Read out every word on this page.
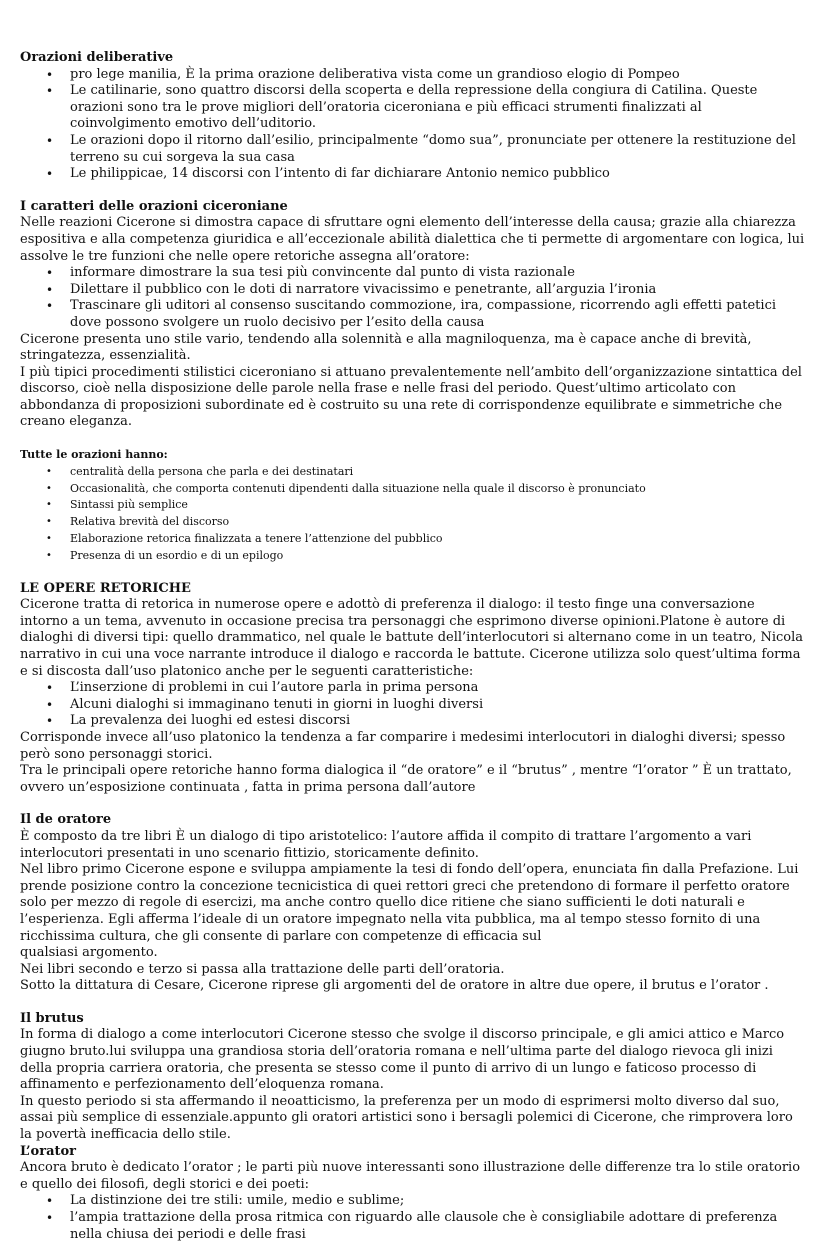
Orazioni deliberative
• pro lege manilia, È la prima orazione deliberativa vista come un grandioso elogio di Pompeo
• Le catilinarie, sono quattro discorsi della scoperta e della repressione della congiura di Catilina. Queste orazioni sono tra le prove migliori dell’oratoria ciceroniana e più efficaci strumenti finalizzati al coinvolgimento emotivo dell’uditorio.
• Le orazioni dopo il ritorno dall’esilio, principalmente “domo sua”, pronunciate per ottenere la restituzione del terreno su cui sorgeva la sua casa
• Le philippicae, 14 discorsi con l’intento di far dichiarare Antonio nemico pubblico
I caratteri delle orazioni ciceroniane

Nelle reazioni Cicerone si dimostra capace di sfruttare ogni elemento dell’interesse della causa; grazie alla chiarezza espositiva e alla competenza giuridica e all’eccezionale abilità dialettica che ti permette di argomentare con logica, lui assolve le tre funzioni che nelle opere retoriche assegna all’oratore:

• informare dimostrare la sua tesi più convincente dal punto di vista razionale
• Dilettare il pubblico con le doti di narratore vivacissimo e penetrante, all’arguzia l’ironia
• Trascinare gli uditori al consenso suscitando commozione, ira, compassione, ricorrendo agli effetti patetici dove possono svolgere un ruolo decisivo per l’esito della causa

Cicerone presenta uno stile vario, tendendo alla solennità e alla magniloquenza, ma è capace anche di brevità, stringatezza, essenzialità.

I più tipici procedimenti stilistici ciceroniano si attuano prevalentemente nell’ambito dell’organizzazione sintattica del discorso, cioè nella disposizione delle parole nella frase e nelle frasi del periodo. Quest’ultimo articolato con abbondanza di proposizioni subordinate ed è costruito su una rete di corrispondenze equilibrate e simmetriche che creano eleganza.

Tutte le orazioni hanno:
• centralità della persona che parla e dei destinatari
• Occasionalità, che comporta contenuti dipendenti dalla situazione nella quale il discorso è pronunciato
• Sintassi più semplice
• Relativa brevità del discorso
• Elaborazione retorica finalizzata a tenere l’attenzione del pubblico
• Presenza di un esordio e di un epilogo
LE OPERE RETORICHE

Cicerone tratta di retorica in numerose opere e adottò di preferenza il dialogo: il testo finge una conversazione intorno a un tema, avvenuto in occasione precisa tra personaggi che esprimono diverse opinioni.Platone è autore di dialoghi di diversi tipi: quello drammatico, nel quale le battute dell’interlocutori si alternano come in un teatro, Nicola narrativo in cui una voce narrante introduce il dialogo e raccorda le battute. Cicerone utilizza solo quest’ultima forma e si discosta dall’uso platonico anche per le seguenti caratteristiche:

• L’inserzione di problemi in cui l’autore parla in prima persona
• Alcuni dialoghi si immaginano tenuti in giorni in luoghi diversi
• La prevalenza dei luoghi ed estesi discorsi

Corrisponde invece all’uso platonico la tendenza a far comparire i medesimi interlocutori in dialoghi diversi; spesso però sono personaggi storici.

Tra le principali opere retoriche hanno forma dialogica il “de oratore” e il “brutus” , mentre “l’orator ” È un trattato, ovvero un’esposizione continuata , fatta in prima persona dall’autore

Il de oratore

È composto da tre libri È un dialogo di tipo aristotelico: l’autore affida il compito di trattare l’argomento a vari interlocutori presentati in uno scenario fittizio, storicamente definito.

Nel libro primo Cicerone espone e sviluppa ampiamente la tesi di fondo dell’opera, enunciata fin dalla Prefazione. Lui prende posizione contro la concezione tecnicistica di quei rettori greci che pretendono di formare il perfetto oratore solo per mezzo di regole di esercizi, ma anche contro quello dice ritiene che siano sufficienti le doti naturali e l’esperienza. Egli afferma l’ideale di un oratore impegnato nella vita pubblica, ma al tempo stesso fornito di una ricchissima cultura, che gli consente di parlare con competenze di efficacia sul

qualsiasi argomento.

Nei libri secondo e terzo si passa alla trattazione delle parti dell’oratoria.

Sotto la dittatura di Cesare, Cicerone riprese gli argomenti del de oratore in altre due opere, il brutus e l’orator .

Il brutus

In forma di dialogo a come interlocutori Cicerone stesso che svolge il discorso principale, e gli amici attico e Marco giugno bruto.lui sviluppa una grandiosa storia dell’oratoria romana e nell’ultima parte del dialogo rievoca gli inizi della propria carriera oratoria, che presenta se stesso come il punto di arrivo di un lungo e faticoso processo di affinamento e perfezionamento dell’eloquenza romana.

In questo periodo si sta affermando il neoatticismo, la preferenza per un modo di esprimersi molto diverso dal suo, assai più semplice di essenziale.appunto gli oratori artistici sono i bersagli polemici di Cicerone, che rimprovera loro la povertà inefficacia dello stile.

L’orator

Ancora bruto è dedicato l’orator ; le parti più nuove interessanti sono illustrazione delle differenze tra lo stile oratorio e quello dei filosofi, degli storici e dei poeti:

• La distinzione dei tre stili: umile, medio e sublime;
• l’ampia trattazione della prosa ritmica con riguardo alle clausole che è consigliabile adottare di preferenza nella chiusa dei periodi e delle frasi
